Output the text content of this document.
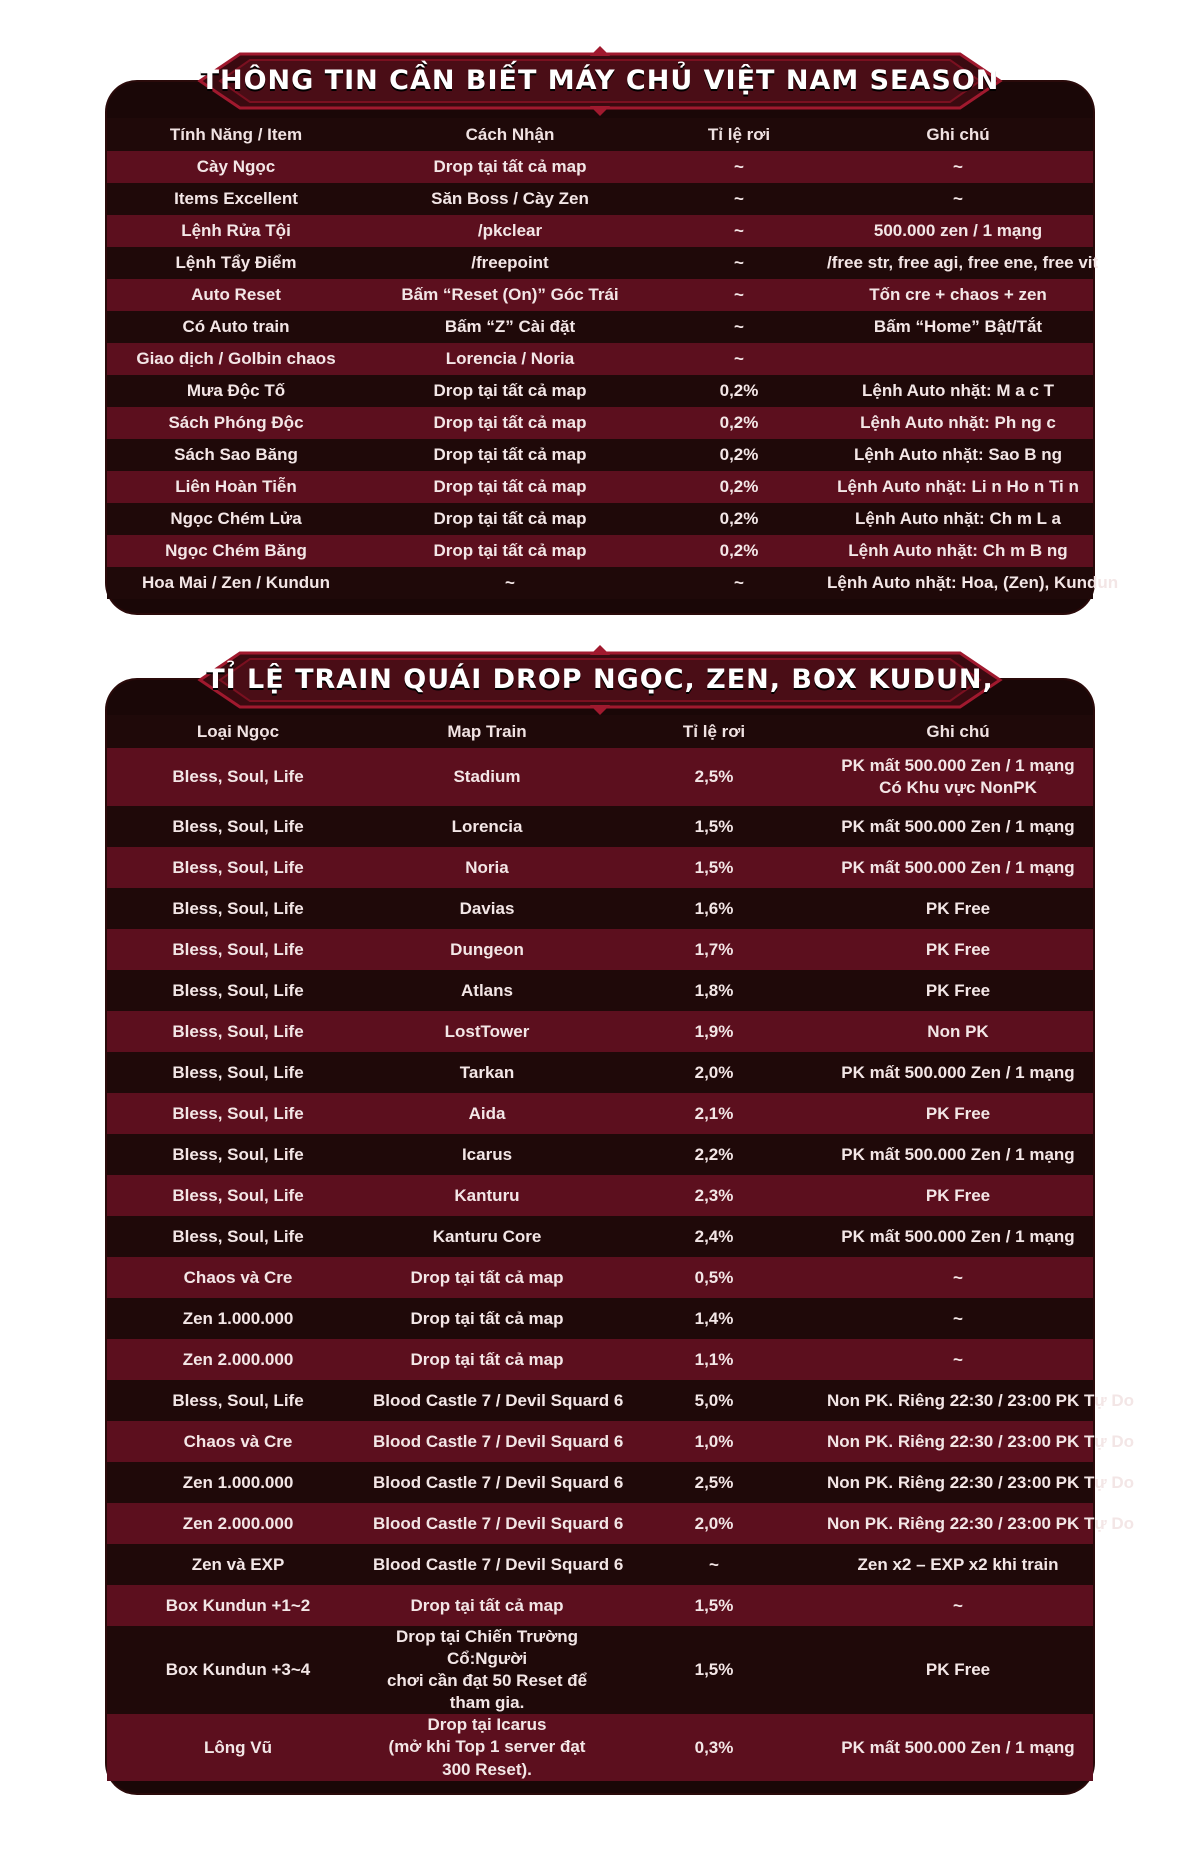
THÔNG TIN CẦN BIẾT MÁY CHỦ VIỆT NAM SEASON 1.0 CLASSIC
TỈ LỆ TRAIN QUÁI DROP NGỌC, ZEN, BOX KUDUN, LÔNG VŨ
Tính Năng / Item	Cách Nhận	Tỉ lệ rơi	Ghi chú
Cày Ngọc	Drop tại tất cả map	~	~
Items Excellent	Săn Boss / Cày Zen	~	~
Lệnh Rửa Tội	/pkclear	~	500.000 zen / 1 mạng
Lệnh Tẩy Điểm	/freepoint	~	/free str, free agi, free ene, free vit
Auto Reset	Bấm “Reset (On)” Góc Trái	~	Tốn cre + chaos + zen
Có Auto train	Bấm “Z” Cài đặt	~	Bấm “Home” Bật/Tắt
Giao dịch / Golbin chaos	Lorencia / Noria	~	
Mưa Độc Tố	Drop tại tất cả map	0,2%	Lệnh Auto nhặt: M a c T
Sách Phóng Độc	Drop tại tất cả map	0,2%	Lệnh Auto nhặt: Ph ng c
Sách Sao Băng	Drop tại tất cả map	0,2%	Lệnh Auto nhặt: Sao B ng
Liên Hoàn Tiễn	Drop tại tất cả map	0,2%	Lệnh Auto nhặt: Li n Ho n Ti n
Ngọc Chém Lửa	Drop tại tất cả map	0,2%	Lệnh Auto nhặt: Ch m L a
Ngọc Chém Băng	Drop tại tất cả map	0,2%	Lệnh Auto nhặt: Ch m B ng
Hoa Mai / Zen / Kundun	~	~	Lệnh Auto nhặt: Hoa, (Zen), Kundun
Loại Ngọc	Map Train	Tỉ lệ rơi	Ghi chú
Bless, Soul, Life	Stadium	2,5%	PK mất 500.000 Zen / 1 mạng
Có Khu vực NonPK
Bless, Soul, Life	Lorencia	1,5%	PK mất 500.000 Zen / 1 mạng
Bless, Soul, Life	Noria	1,5%	PK mất 500.000 Zen / 1 mạng
Bless, Soul, Life	Davias	1,6%	PK Free
Bless, Soul, Life	Dungeon	1,7%	PK Free
Bless, Soul, Life	Atlans	1,8%	PK Free
Bless, Soul, Life	LostTower	1,9%	Non PK
Bless, Soul, Life	Tarkan	2,0%	PK mất 500.000 Zen / 1 mạng
Bless, Soul, Life	Aida	2,1%	PK Free
Bless, Soul, Life	Icarus	2,2%	PK mất 500.000 Zen / 1 mạng
Bless, Soul, Life	Kanturu	2,3%	PK Free
Bless, Soul, Life	Kanturu Core	2,4%	PK mất 500.000 Zen / 1 mạng
Chaos và Cre	Drop tại tất cả map	0,5%	~
Zen 1.000.000	Drop tại tất cả map	1,4%	~
Zen 2.000.000	Drop tại tất cả map	1,1%	~
Bless, Soul, Life	Blood Castle 7 / Devil Squard 6	5,0%	Non PK. Riêng 22:30 / 23:00 PK Tự Do
Chaos và Cre	Blood Castle 7 / Devil Squard 6	1,0%	Non PK. Riêng 22:30 / 23:00 PK Tự Do
Zen 1.000.000	Blood Castle 7 / Devil Squard 6	2,5%	Non PK. Riêng 22:30 / 23:00 PK Tự Do
Zen 2.000.000	Blood Castle 7 / Devil Squard 6	2,0%	Non PK. Riêng 22:30 / 23:00 PK Tự Do
Zen và EXP	Blood Castle 7 / Devil Squard 6	~	Zen x2 – EXP x2 khi train
Box Kundun +1~2	Drop tại tất cả map	1,5%	~
Box Kundun +3~4	Drop tại Chiến Trường Cổ:Người
chơi cần đạt 50 Reset để tham gia.	1,5%	PK Free
Lông Vũ	Drop tại Icarus
(mở khi Top 1 server đạt 300 Reset).	0,3%	PK mất 500.000 Zen / 1 mạng
